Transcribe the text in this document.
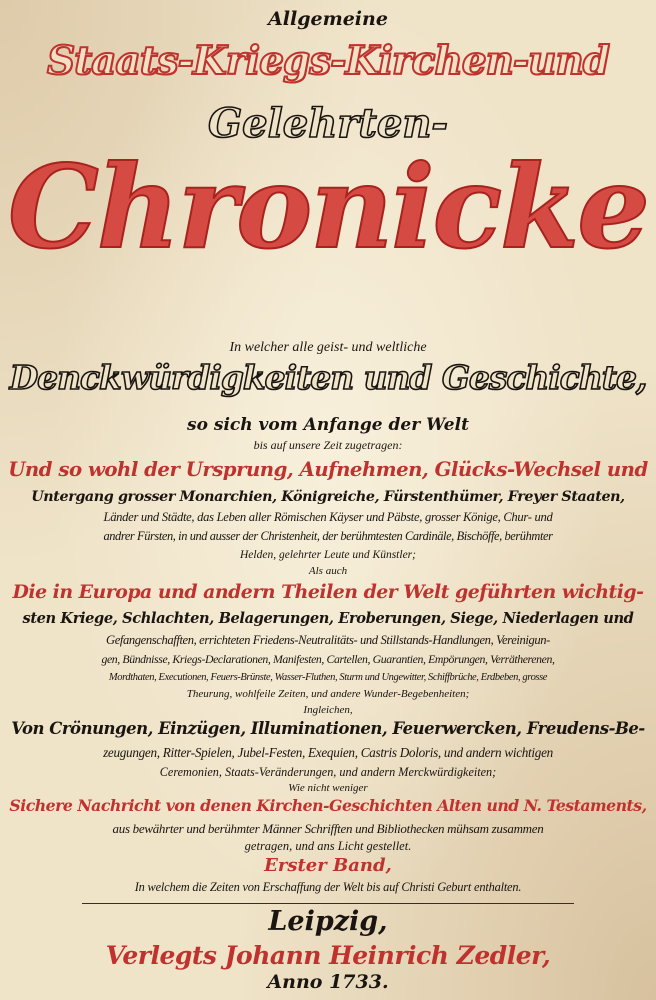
Allgemeine
Staats-Kriegs-Kirchen-und
Gelehrten-
Chronicke
In welcher alle geist- und weltliche
Denckwürdigkeiten und Geschichte,
so sich vom Anfange der Welt
bis auf unsere Zeit zugetragen:
Und so wohl der Ursprung, Aufnehmen, Glücks-Wechsel und
Untergang grosser Monarchien, Königreiche, Fürstenthümer, Freyer Staaten,
Länder und Städte, das Leben aller Römischen Käyser und Päbste, grosser Könige, Chur- und
andrer Fürsten, in und ausser der Christenheit, der berühmtesten Cardinäle, Bischöffe, berühmter
Helden, gelehrter Leute und Künstler;
Als auch
Die in Europa und andern Theilen der Welt geführten wichtig-
sten Kriege, Schlachten, Belagerungen, Eroberungen, Siege, Niederlagen und
Gefangenschafften, errichteten Friedens-Neutralitäts- und Stillstands-Handlungen, Vereinigun-
gen, Bündnisse, Kriegs-Declarationen, Manifesten, Cartellen, Guarantien, Empörungen, Verrätherenen,
Mordthaten, Executionen, Feuers-Brünste, Wasser-Fluthen, Sturm und Ungewitter, Schiffbrüche, Erdbeben, grosse
Theurung, wohlfeile Zeiten, und andere Wunder-Begebenheiten;
Ingleichen,
Von Crönungen, Einzügen, Illuminationen, Feuerwercken, Freudens-Be-
zeugungen, Ritter-Spielen, Jubel-Festen, Exequien, Castris Doloris, und andern wichtigen
Ceremonien, Staats-Veränderungen, und andern Merckwürdigkeiten;
Wie nicht weniger
Sichere Nachricht von denen Kirchen-Geschichten Alten und N. Testaments,
aus bewährter und berühmter Männer Schrifften und Bibliothecken mühsam zusammen
getragen, und ans Licht gestellet.
Erster Band,
In welchem die Zeiten von Erschaffung der Welt bis auf Christi Geburt enthalten.
Leipzig,
Verlegts Johann Heinrich Zedler,
Anno 1733.
